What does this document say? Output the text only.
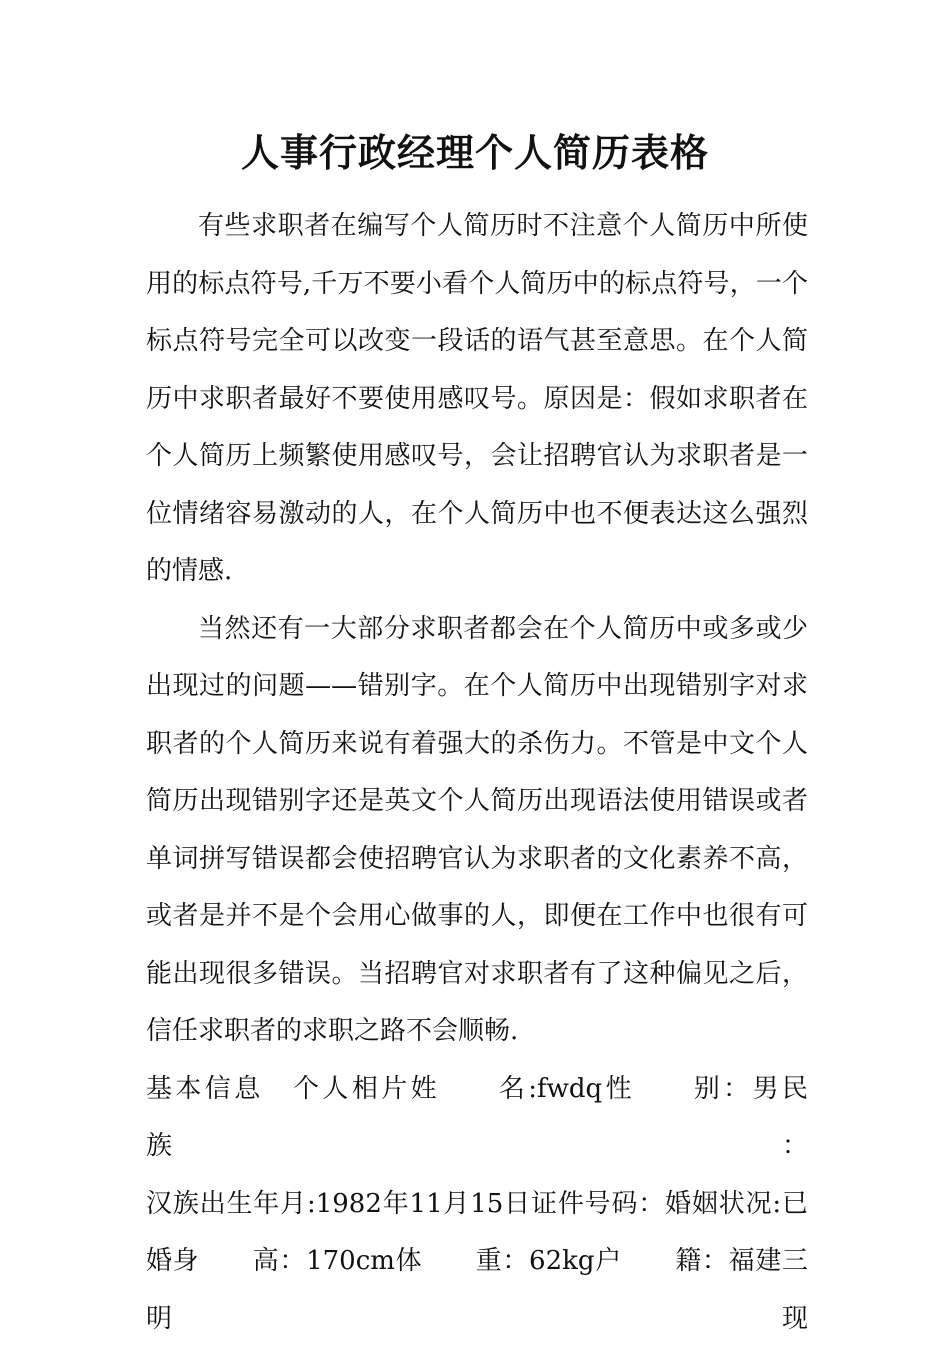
人事行政经理个人简历表格

有些求职者在编写个人简历时不注意个人简历中所使用的标点符号,千万不要小看个人简历中的标点符号，一个标点符号完全可以改变一段话的语气甚至意思。在个人简历中求职者最好不要使用感叹号。原因是：假如求职者在个人简历上频繁使用感叹号，会让招聘官认为求职者是一位情绪容易激动的人，在个人简历中也不便表达这么强烈的情感.

当然还有一大部分求职者都会在个人简历中或多或少出现过的问题——错别字。在个人简历中出现错别字对求职者的个人简历来说有着强大的杀伤力。不管是中文个人简历出现错别字还是英文个人简历出现语法使用错误或者单词拼写错误都会使招聘官认为求职者的文化素养不高，或者是并不是个会用心做事的人，即便在工作中也很有可能出现很多错误。当招聘官对求职者有了这种偏见之后，信任求职者的求职之路不会顺畅.

基本信息　个人相片姓　　名:fwdq性　　别：男民　　族：

汉族出生年月:1982年11月15日证件号码：婚姻状况:已

婚身　　高：170cm体　　重：62kg户　　籍：福建三明现
